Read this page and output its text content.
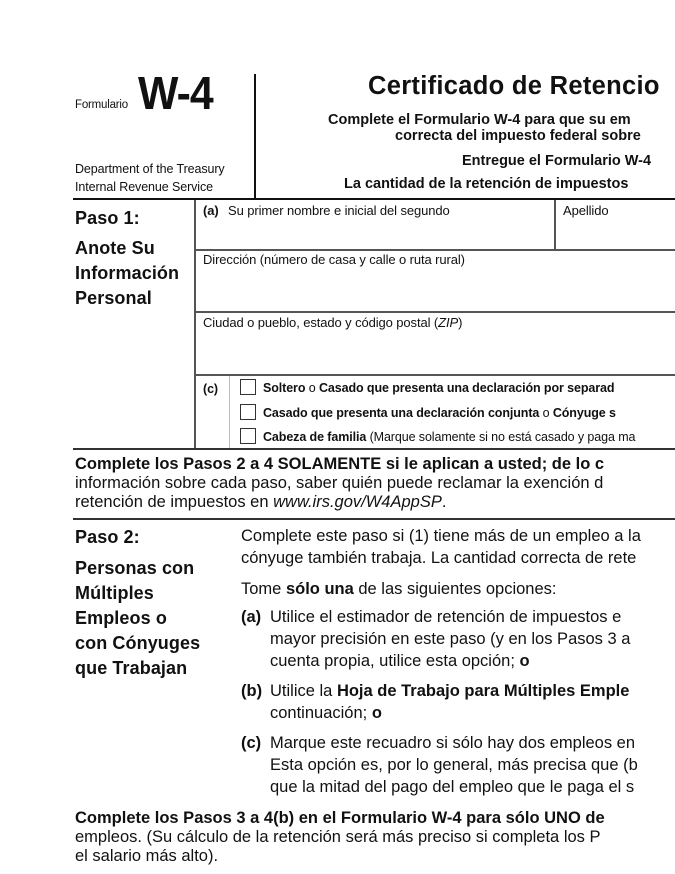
Formulario W-4
Department of the Treasury
Internal Revenue Service
Certificado de Retencio
Complete el Formulario W-4 para que su em
correcta del impuesto federal sobre
Entregue el Formulario W-4
La cantidad de la retención de impuestos
Paso 1:
Anote Su
Información
Personal
(a) Su primer nombre e inicial del segundo	Apellido
Dirección (número de casa y calle o ruta rural)
Ciudad o pueblo, estado y código postal (ZIP)
(c)	Soltero o Casado que presenta una declaración por separad
Casado que presenta una declaración conjunta o Cónyuge s
Cabeza de familia (Marque solamente si no está casado y paga ma
Complete los Pasos 2 a 4 SOLAMENTE si le aplican a usted; de lo c
información sobre cada paso, saber quién puede reclamar la exención d
retención de impuestos en www.irs.gov/W4AppSP.
Paso 2:
Personas con
Múltiples
Empleos o
con Cónyuges
que Trabajan
Complete este paso si (1) tiene más de un empleo a la
cónyuge también trabaja. La cantidad correcta de rete
Tome sólo una de las siguientes opciones:
(a) Utilice el estimador de retención de impuestos e
mayor precisión en este paso (y en los Pasos 3 a
cuenta propia, utilice esta opción; o
(b) Utilice la Hoja de Trabajo para Múltiples Emple
continuación; o
(c) Marque este recuadro si sólo hay dos empleos en
Esta opción es, por lo general, más precisa que (b
que la mitad del pago del empleo que le paga el s
Complete los Pasos 3 a 4(b) en el Formulario W-4 para sólo UNO de
empleos. (Su cálculo de la retención será más preciso si completa los P
el salario más alto).
